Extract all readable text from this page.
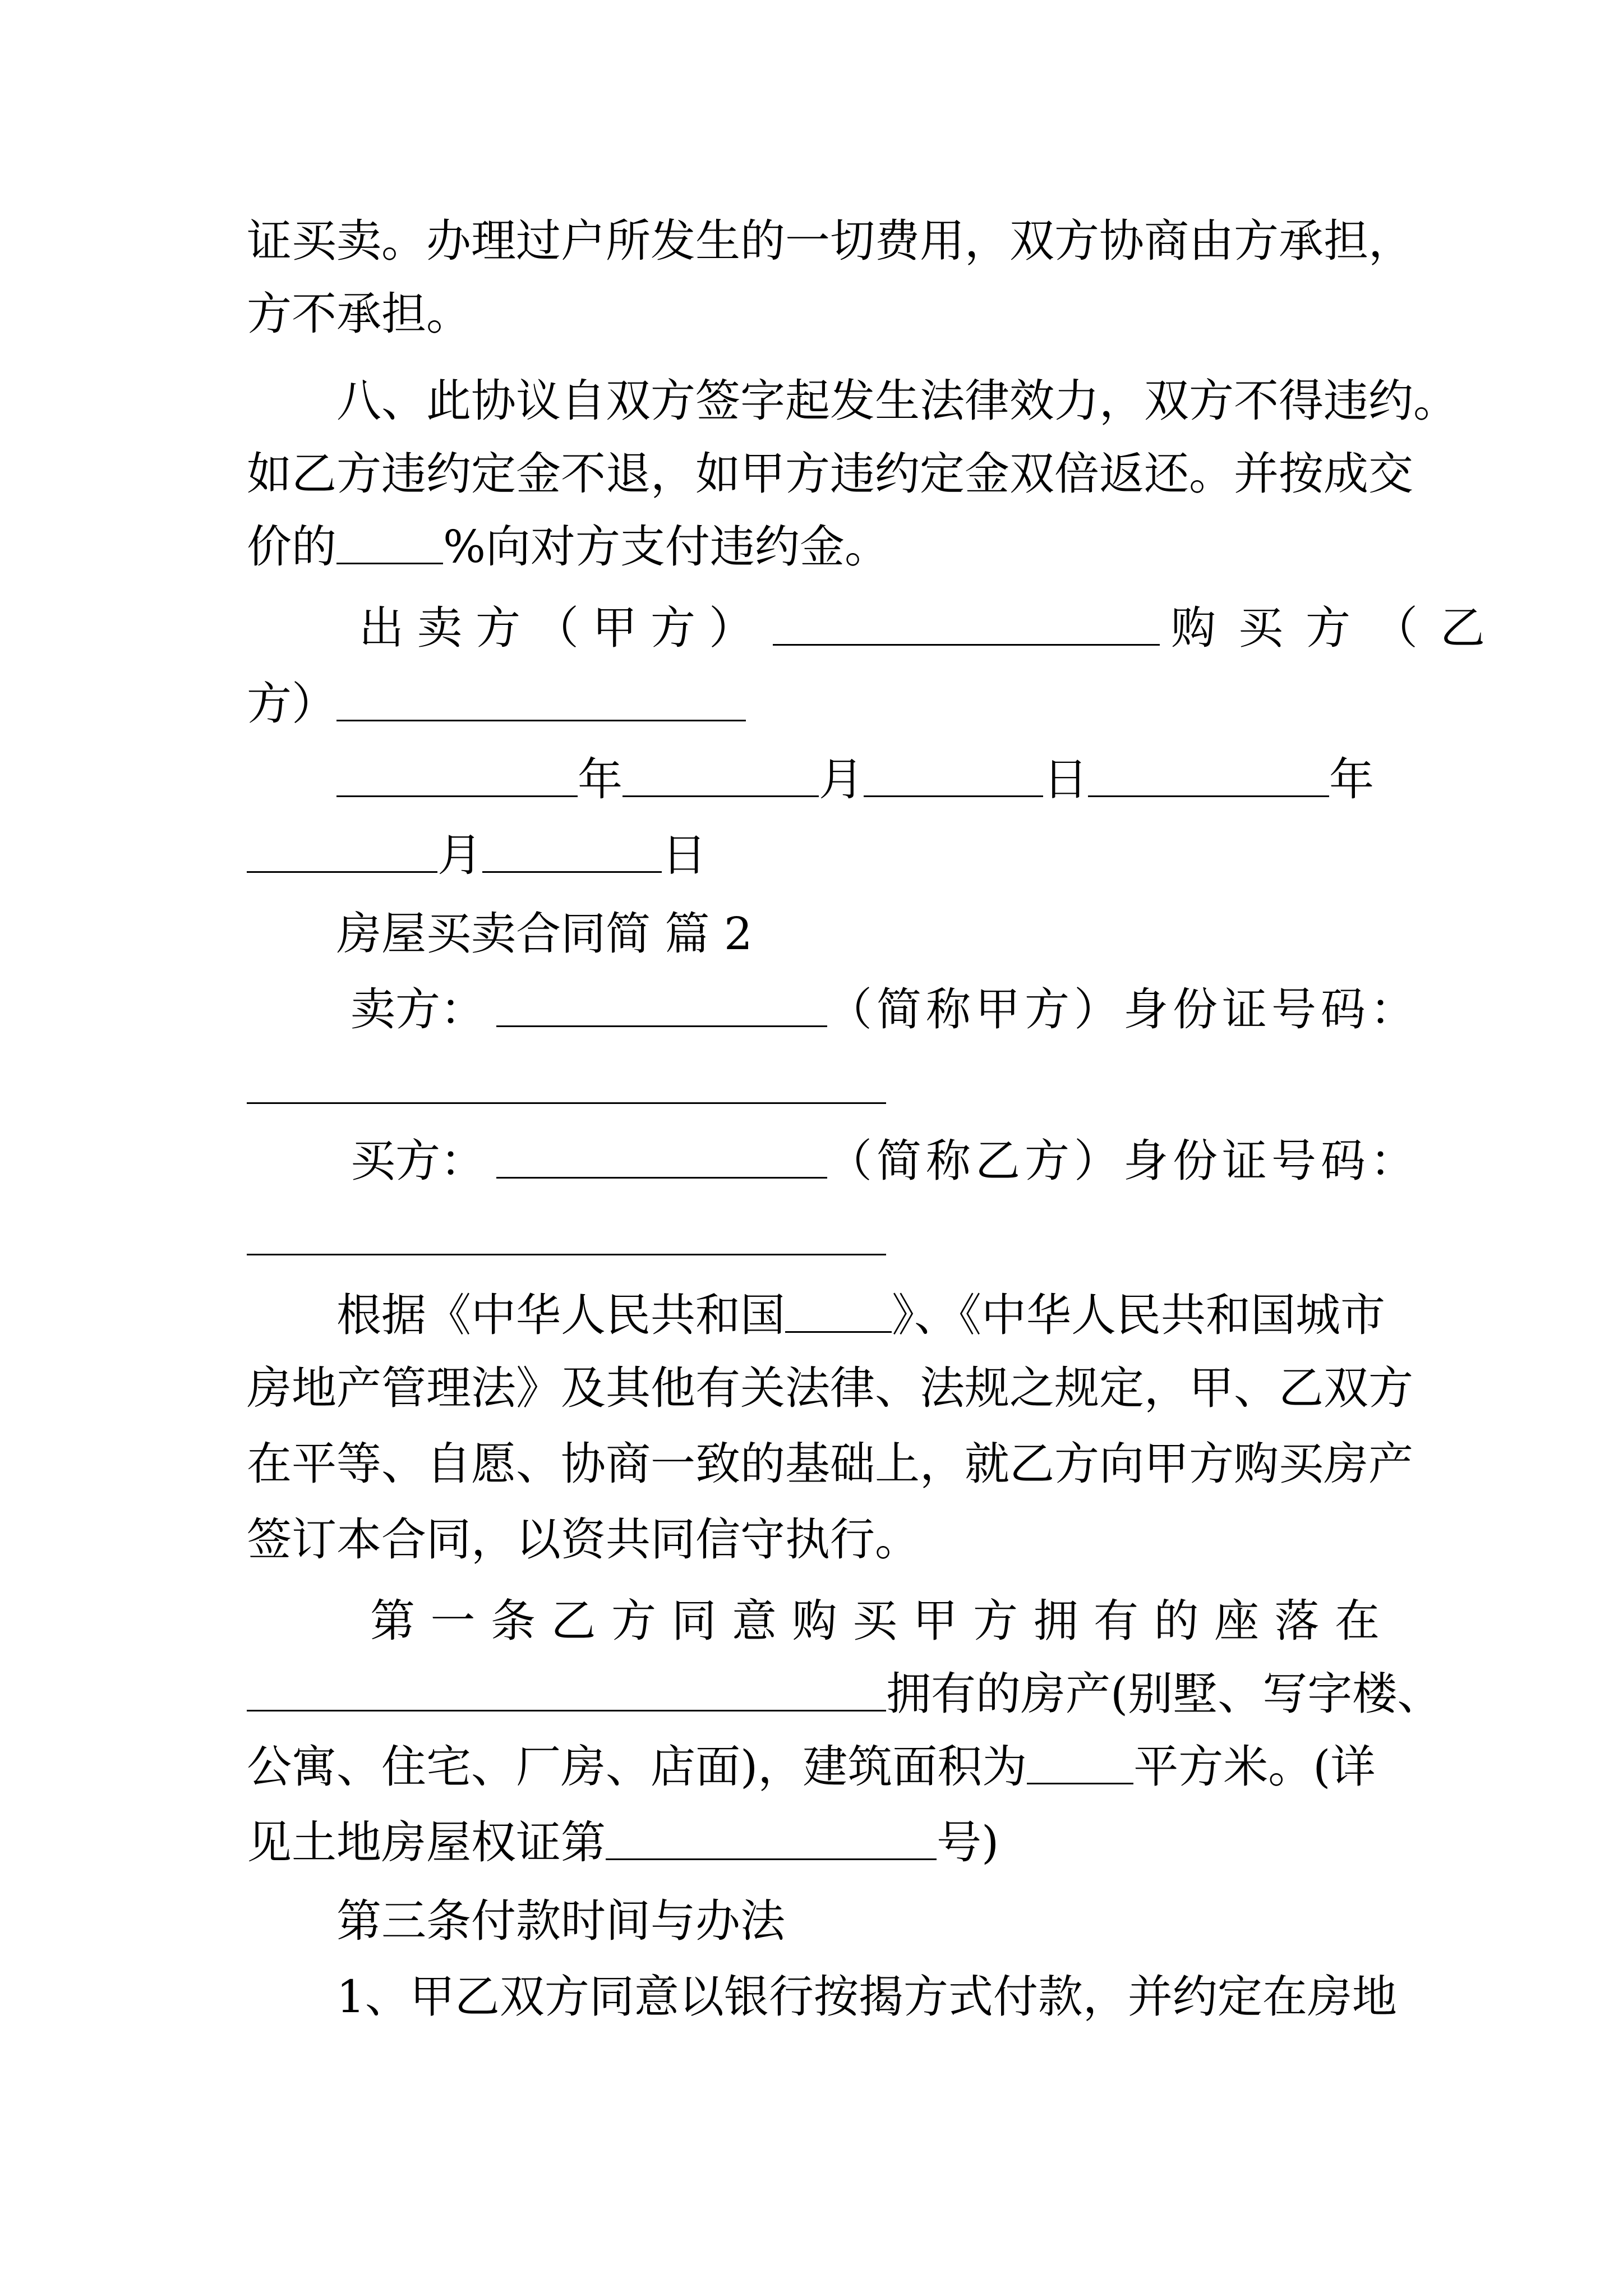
证买卖。办理过户所发生的一切费用，双方协商由方承担，
方不承担。
八、此协议自双方签字起发生法律效力，双方不得违约。
如乙方违约定金不退，如甲方违约定金双倍返还。并按成交
价的 %向对方支付违约金。
出 卖 方 （ 甲 方 ）	购 买 方 （ 乙
方）
年	月	日	年
月	日
房屋买卖合同简 篇 2
卖方：	（ 简 称 甲 方 ） 身 份 证 号 码 ：
买方：	（ 简 称 乙 方 ） 身 份 证 号 码 ：
根据《中华人民共和国 》、《中华人民共和国城市
房地产管理法》及其他有关法律、法规之规定，甲、乙双方
在平等、自愿、协商一致的基础上，就乙方向甲方购买房产
签订本合同，以资共同信守执行。
第 一 条 乙 方 同 意 购 买 甲 方 拥 有 的 座 落 在
拥有的房产(别墅、写字楼、
公寓、住宅、厂房、店面)，建筑面积为 平方米。(详
见土地房屋权证第	号)
第三条付款时间与办法
1、甲乙双方同意以银行按揭方式付款，并约定在房地
